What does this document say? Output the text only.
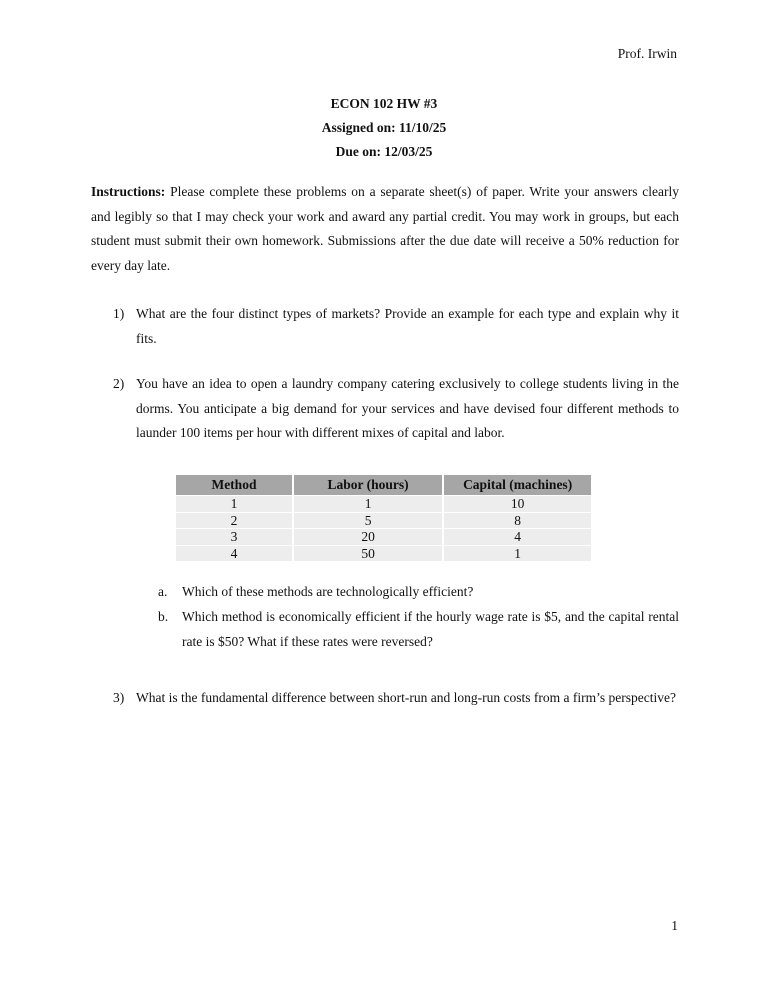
Prof. Irwin
ECON 102 HW #3
Assigned on: 11/10/25
Due on: 12/03/25
Instructions: Please complete these problems on a separate sheet(s) of paper. Write your answers clearly and legibly so that I may check your work and award any partial credit. You may work in groups, but each student must submit their own homework. Submissions after the due date will receive a 50% reduction for every day late.
1) What are the four distinct types of markets? Provide an example for each type and explain why it fits.
2) You have an idea to open a laundry company catering exclusively to college students living in the dorms. You anticipate a big demand for your services and have devised four different methods to launder 100 items per hour with different mixes of capital and labor.
Method	Labor (hours)	Capital (machines)
1	1	10
2	5	8
3	20	4
4	50	1
a. Which of these methods are technologically efficient?
b. Which method is economically efficient if the hourly wage rate is $5, and the capital rental rate is $50? What if these rates were reversed?
3) What is the fundamental difference between short-run and long-run costs from a firm’s perspective?
1
